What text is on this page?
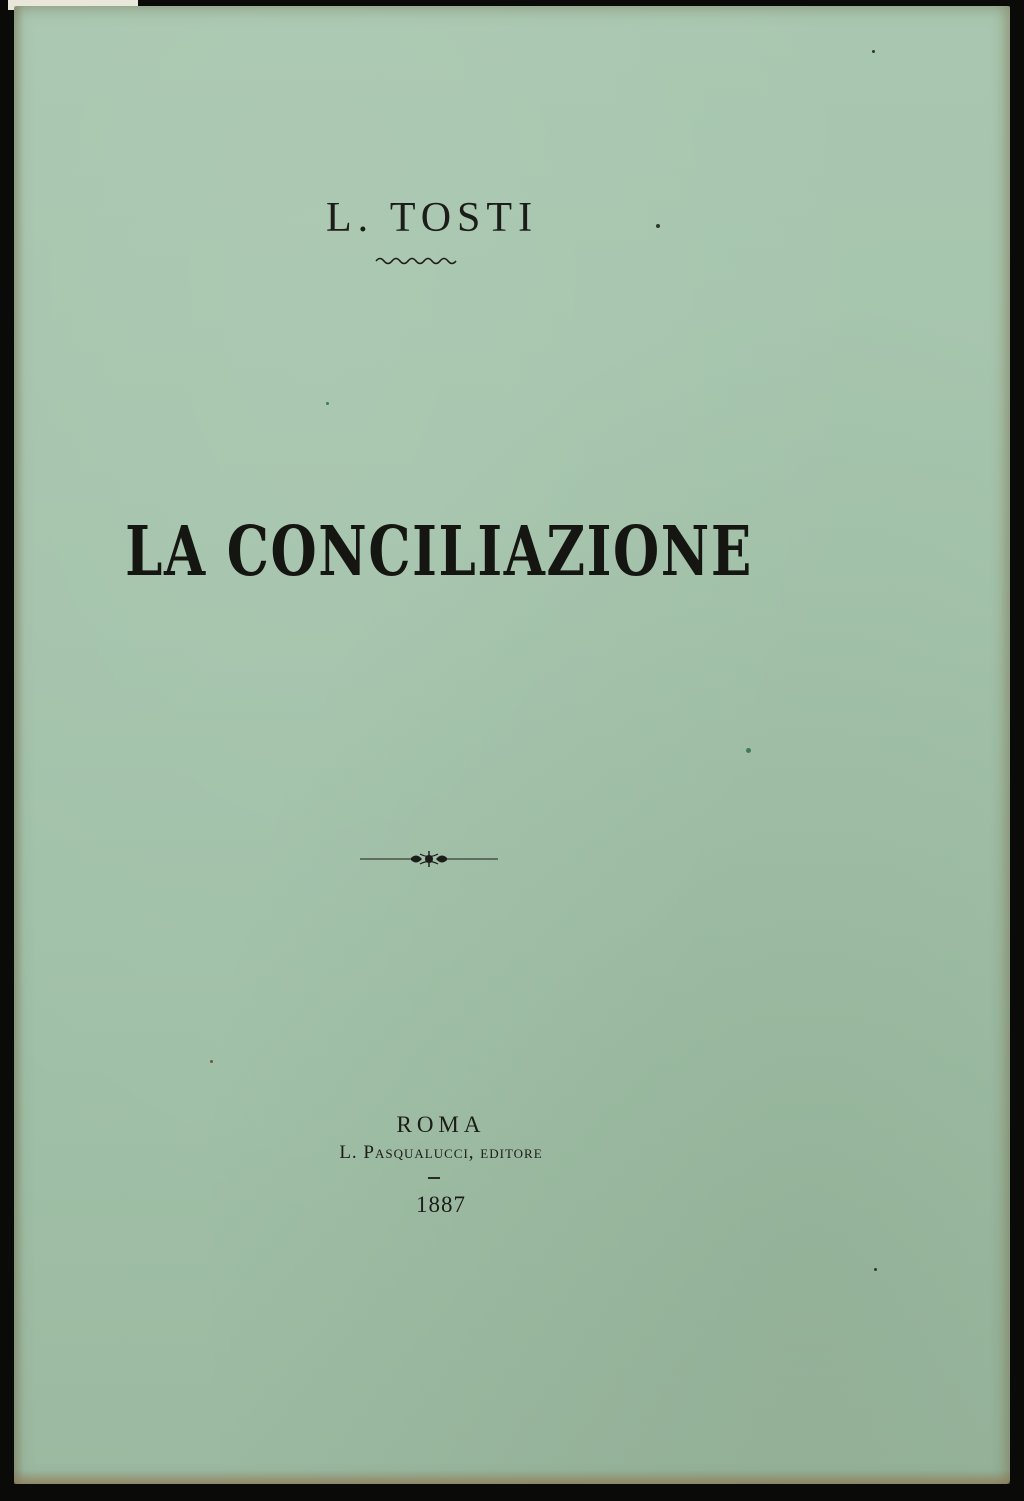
L. TOSTI
LA CONCILIAZIONE
ROMA
L. Pasqualucci, editore
1887
